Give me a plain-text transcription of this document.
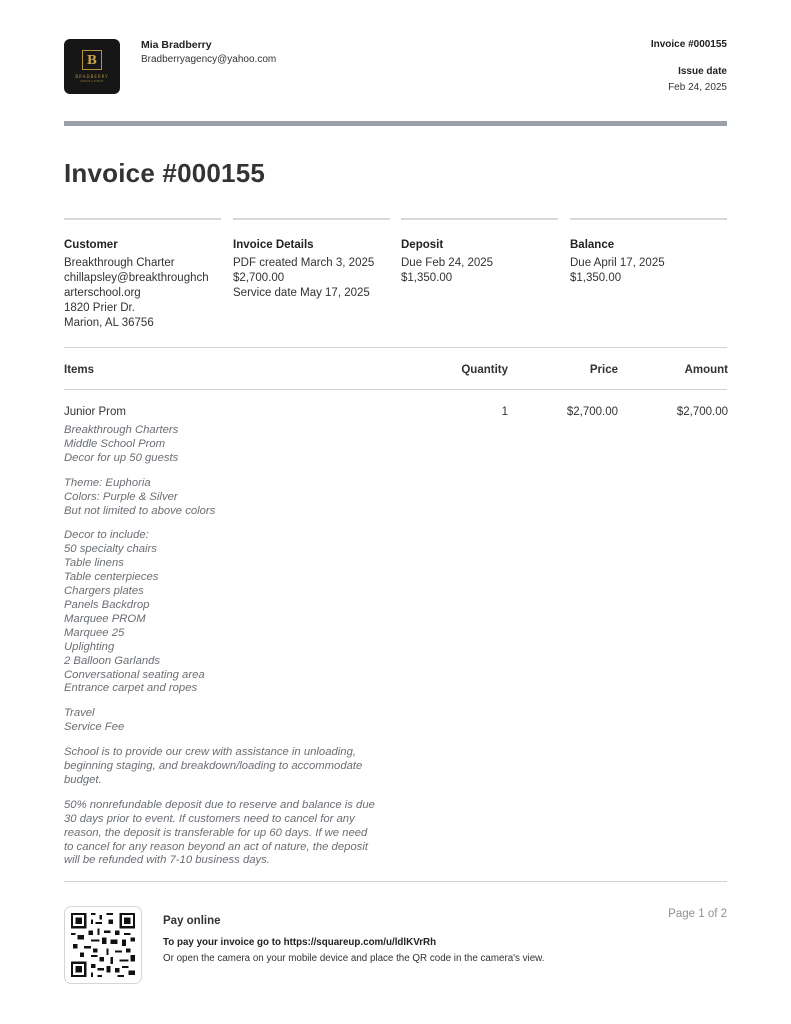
B
BRADBERRY
DESIGN & EVENTS
Mia Bradberry
Bradberryagency@yahoo.com
Invoice #000155
Issue date
Feb 24, 2025
Invoice #000155
Customer
Breakthrough Charter
chillapsley@breakthroughch
arterschool.org
1820 Prier Dr.
Marion, AL 36756
Invoice Details
PDF created March 3, 2025
$2,700.00
Service date May 17, 2025
Deposit
Due Feb 24, 2025
$1,350.00
Balance
Due April 17, 2025
$1,350.00
Items	Quantity	Price	Amount
Junior Prom	1	$2,700.00	$2,700.00

Breakthrough Charters
Middle School Prom
Decor for up 50 guests

Theme: Euphoria
Colors: Purple & Silver
But not limited to above colors

Decor to include:
50 specialty chairs
Table linens
Table centerpieces
Chargers plates
Panels Backdrop
Marquee PROM
Marquee 25
Uplighting
2 Balloon Garlands
Conversational seating area
Entrance carpet and ropes

Travel
Service Fee

School is to provide our crew with assistance in unloading,
beginning staging, and breakdown/loading to accommodate
budget.

50% nonrefundable deposit due to reserve and balance is due
30 days prior to event. If customers need to cancel for any
reason, the deposit is transferable for up 60 days. If we need
to cancel for any reason beyond an act of nature, the deposit
will be refunded with 7-10 business days.

Pay online
To pay your invoice go to https://squareup.com/u/ldlKVrRh
Or open the camera on your mobile device and place the QR code in the camera's view.
Page 1 of 2
